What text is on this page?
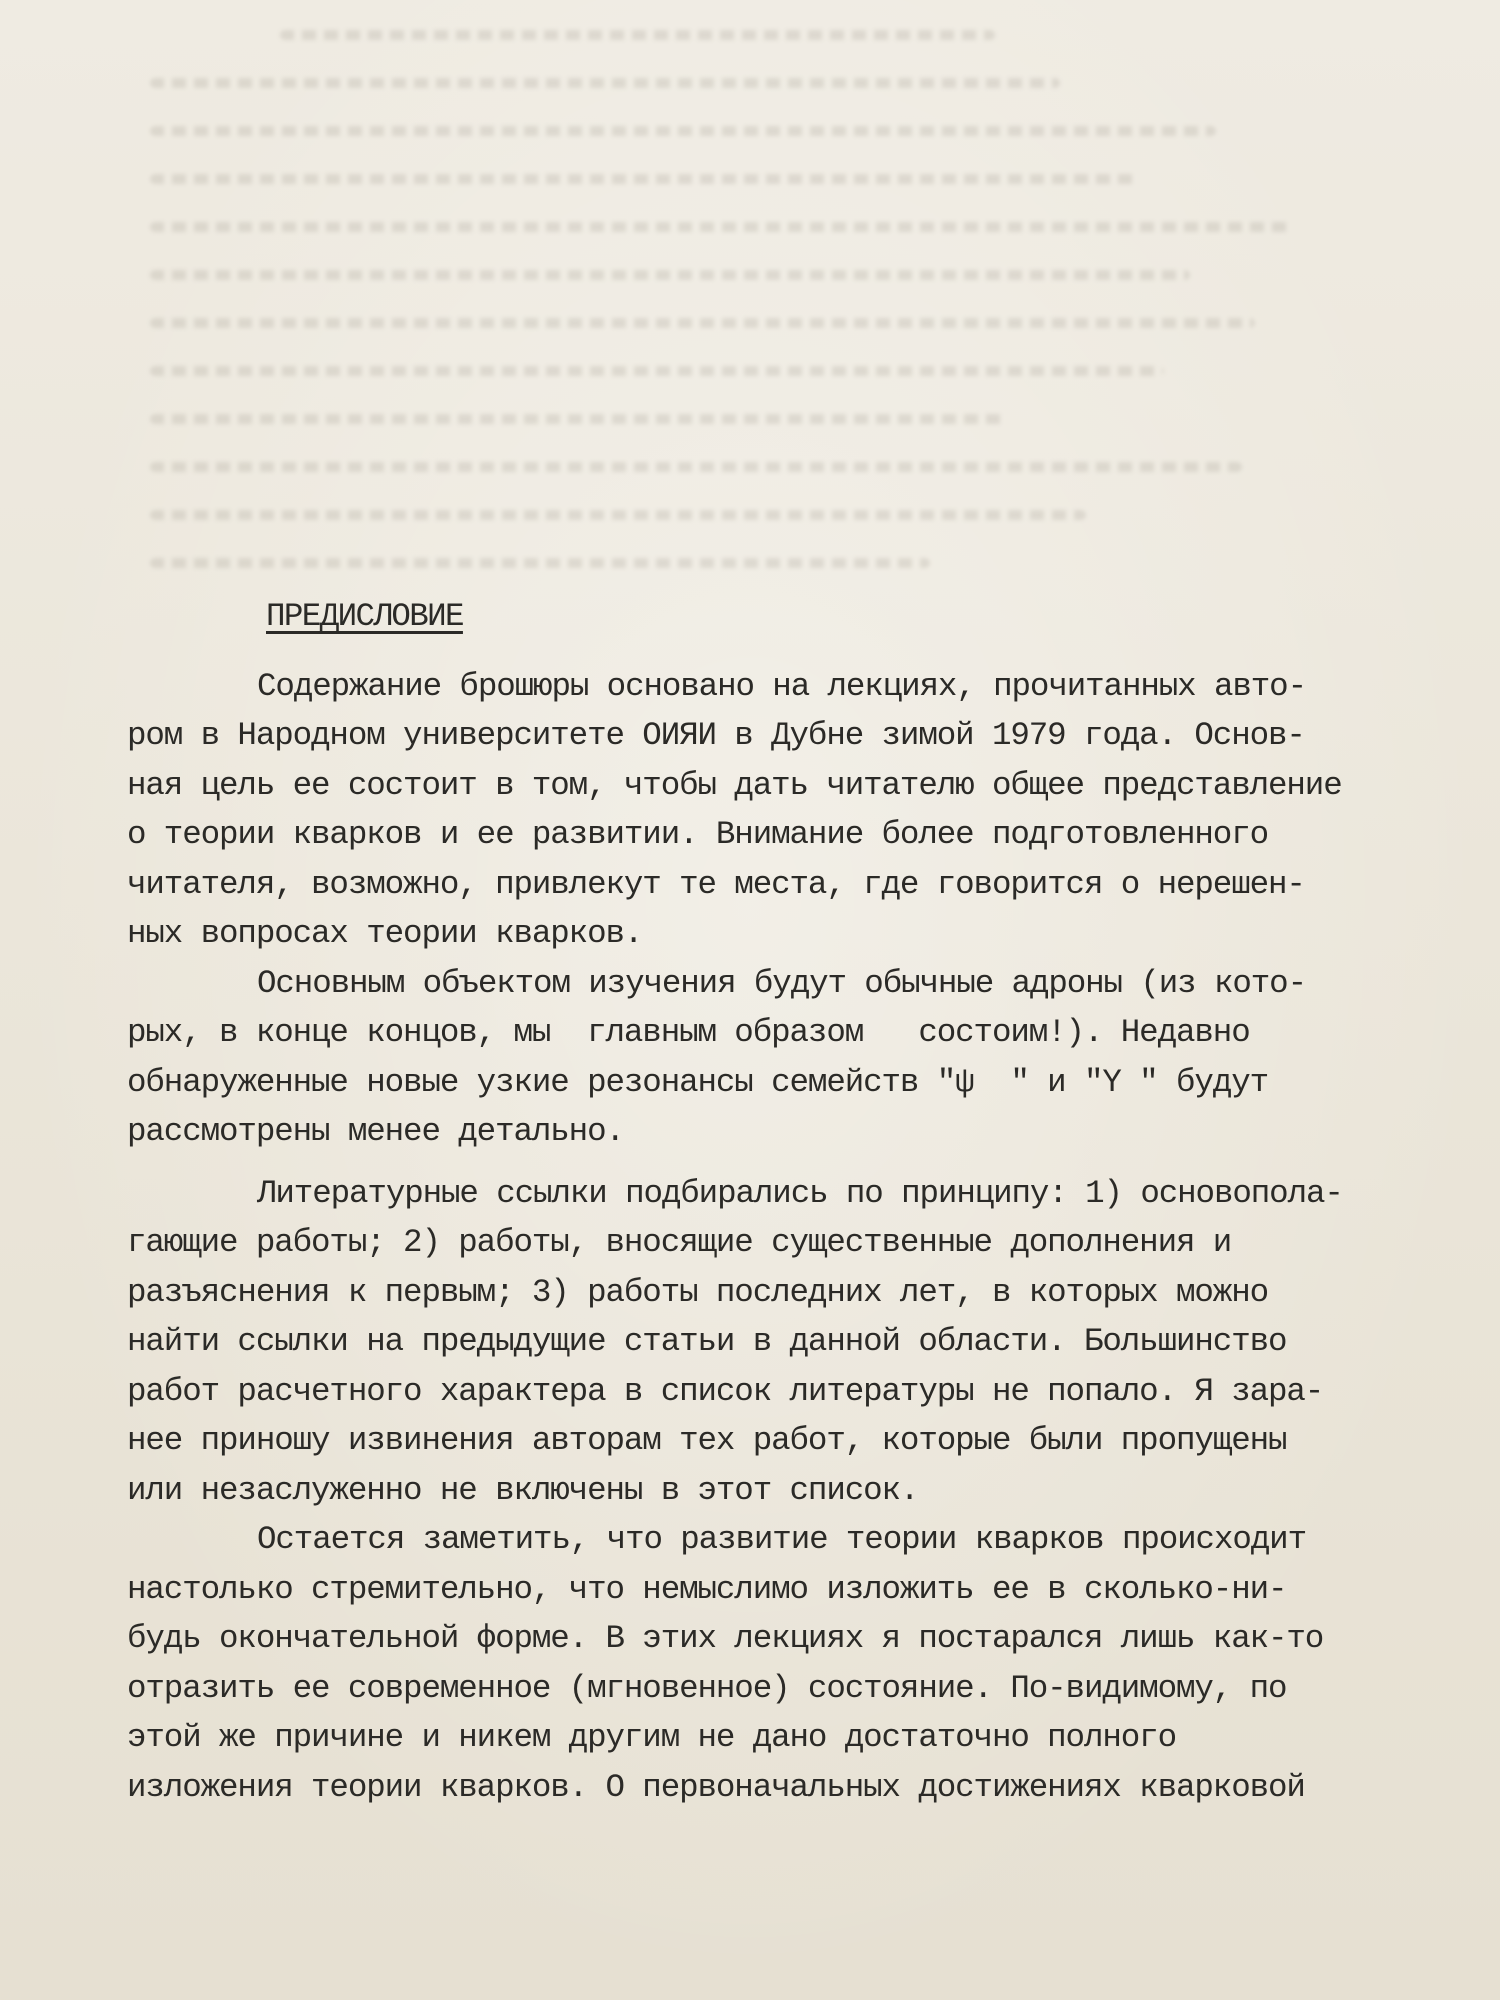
ПРЕДИСЛОВИЕ
Содержание брошюры основано на лекциях, прочитанных авто-
ром в Народном университете ОИЯИ в Дубне зимой 1979 года. Основ-
ная цель ее состоит в том, чтобы дать читателю общее представление
о теории кварков и ее развитии. Внимание более подготовленного
читателя, возможно, привлекут те места, где говорится о нерешен-
ных вопросах теории кварков.
Основным объектом изучения будут обычные адроны (из кото-
рых, в конце концов, мы  главным образом   состоим!). Недавно
обнаруженные новые узкие резонансы семейств "ψ  " и "Υ " будут
рассмотрены менее детально.
Литературные ссылки подбирались по принципу: 1) основопола-
гающие работы; 2) работы, вносящие существенные дополнения и
разъяснения к первым; 3) работы последних лет, в которых можно
найти ссылки на предыдущие статьи в данной области. Большинство
работ расчетного характера в список литературы не попало. Я зара-
нее приношу извинения авторам тех работ, которые были пропущены
или незаслуженно не включены в этот список.
Остается заметить, что развитие теории кварков происходит
настолько стремительно, что немыслимо изложить ее в сколько-ни-
будь окончательной форме. В этих лекциях я постарался лишь как-то
отразить ее современное (мгновенное) состояние. По-видимому, по
этой же причине и никем другим не дано достаточно полного
изложения теории кварков. О первоначальных достижениях кварковой
